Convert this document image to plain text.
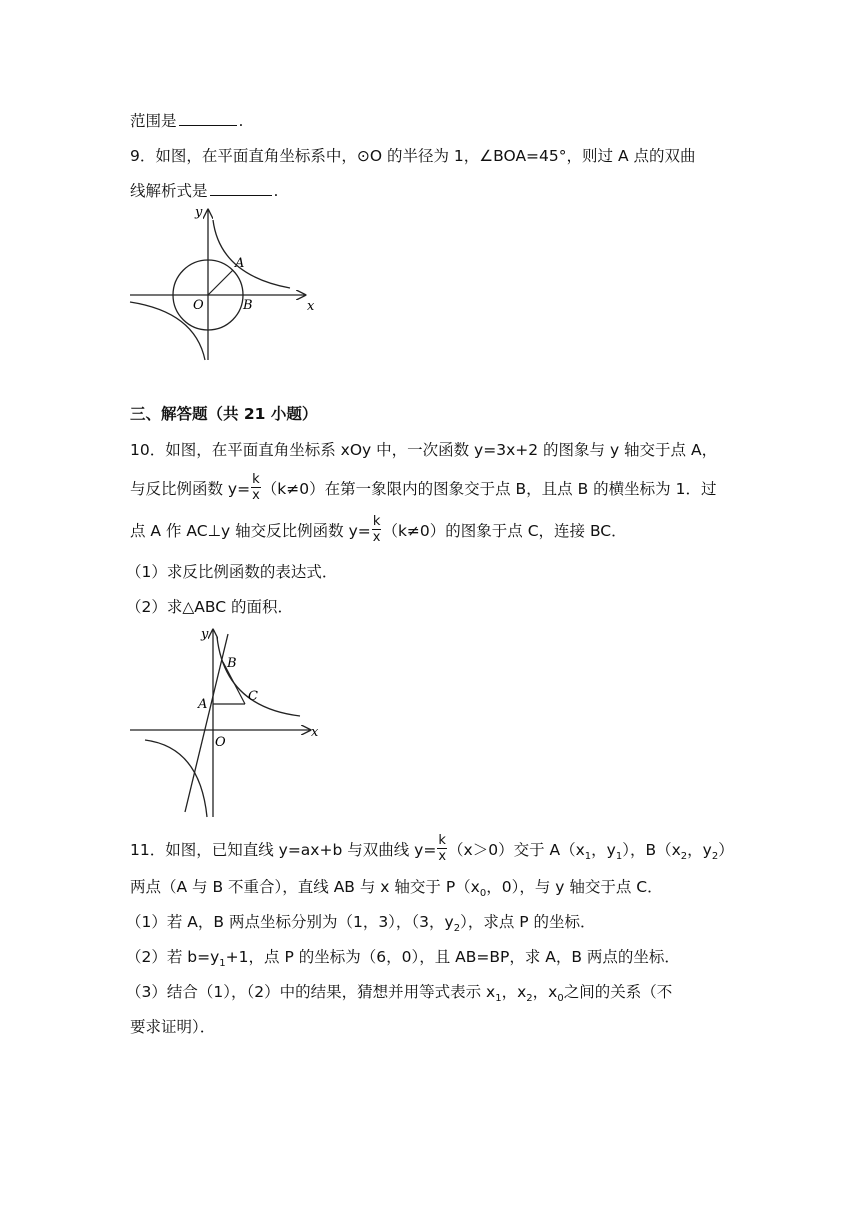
范围是	.
9．如图，在平面直角坐标系中，⊙O 的半径为 1，∠BOA=45°，则过 A 点的双曲
线解析式是	.
y
x
O
A
B
三、解答题（共 21 小题）
10．如图，在平面直角坐标系 xOy 中，一次函数 y=3x+2 的图象与 y 轴交于点 A，
与反比例函数 $y= \frac{k}{x} (k\ne 0)$在第一象限内的图象交于点 B，且点 B 的横坐标为 1．过
点 A 作 AC⊥y 轴交反比例函数 $y= \frac{k}{x} (k\ne 0)$的图象于点 C，连接 BC．
（1）求反比例函数的表达式．
（2）求△ABC 的面积．
y
x
O
A
B
C
11．如图，已知直线 y=ax+b 与双曲线 $y= \frac{k}{x} (x>0)$交于 $A(x_1$，$y_1$），$B(x_2$，$y_2$）
两点（A 与 B 不重合），直线 AB 与 x 轴交于 $P(x_0$，0），与 y 轴交于点 C．
（1）若 A，B 两点坐标分别为（1，3），（3，$y_2$），求点 P 的坐标．
（2）若 $b=y_1+1$，点 P 的坐标为（6，0），且 AB=BP，求 A，B 两点的坐标．
（3）结合（1），（2）中的结果，猜想并用等式表示 $x_1$，$x_2$，$x_0$之间的关系（不
要求证明）．
